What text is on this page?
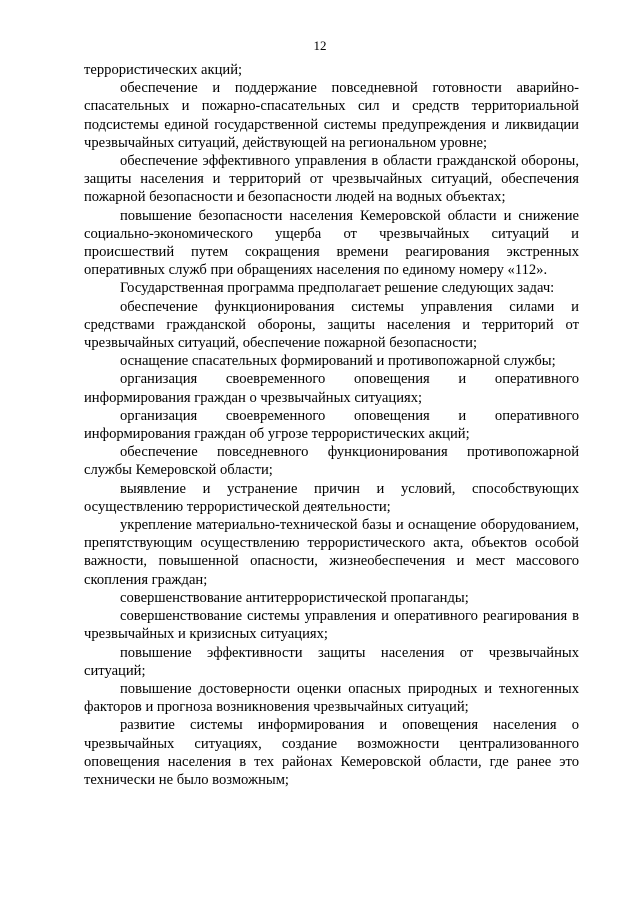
12

террористических акций;

обеспечение и поддержание повседневной готовности аварийно-спасательных и пожарно-спасательных сил и средств территориальной подсистемы единой государственной системы предупреждения и ликвидации чрезвычайных ситуаций, действующей на региональном уровне;

обеспечение эффективного управления в области гражданской обороны, защиты населения и территорий от чрезвычайных ситуаций, обеспечения пожарной безопасности и безопасности людей на водных объектах;

повышение безопасности населения Кемеровской области и снижение социально-экономического ущерба от чрезвычайных ситуаций и происшествий путем сокращения времени реагирования экстренных оперативных служб при обращениях населения по единому номеру «112».

Государственная программа предполагает решение следующих задач:

обеспечение функционирования системы управления силами и средствами гражданской обороны, защиты населения и территорий от чрезвычайных ситуаций, обеспечение пожарной безопасности;

оснащение спасательных формирований и противопожарной службы;

организация своевременного оповещения и оперативного информирования граждан о чрезвычайных ситуациях;

организация своевременного оповещения и оперативного информирования граждан об угрозе террористических акций;

обеспечение повседневного функционирования противопожарной службы Кемеровской области;

выявление и устранение причин и условий, способствующих осуществлению террористической деятельности;

укрепление материально-технической базы и оснащение оборудованием, препятствующим осуществлению террористического акта, объектов особой важности, повышенной опасности, жизнеобеспечения и мест массового скопления граждан;

совершенствование антитеррористической пропаганды;

совершенствование системы управления и оперативного реагирования в чрезвычайных и кризисных ситуациях;

повышение эффективности защиты населения от чрезвычайных ситуаций;

повышение достоверности оценки опасных природных и техногенных факторов и прогноза возникновения чрезвычайных ситуаций;

развитие системы информирования и оповещения населения о чрезвычайных ситуациях, создание возможности централизованного оповещения населения в тех районах Кемеровской области, где ранее это технически не было возможным;
